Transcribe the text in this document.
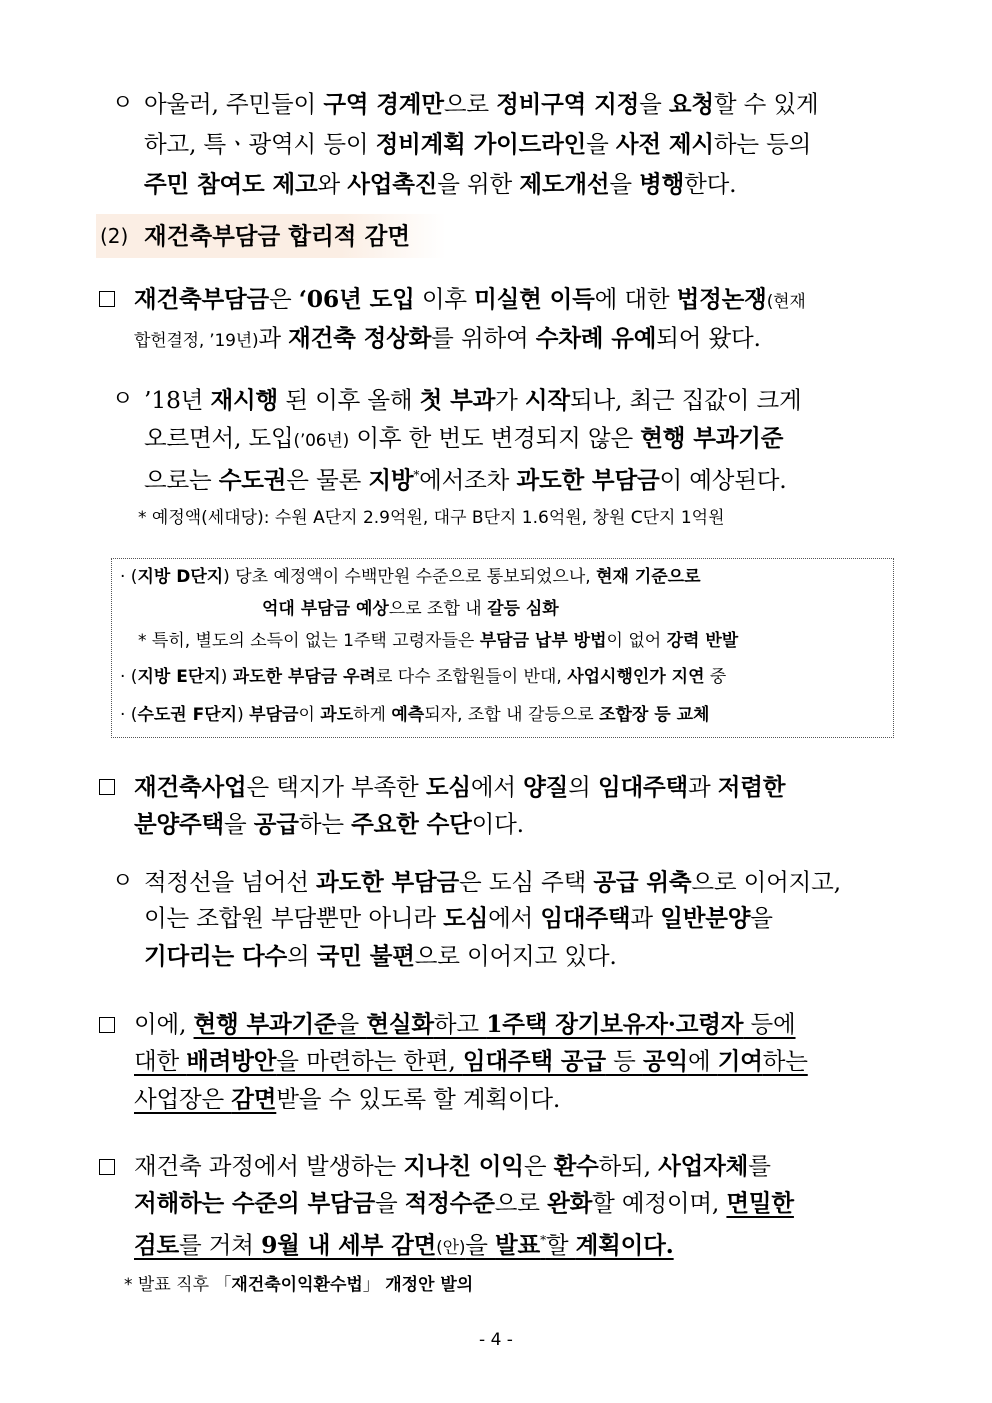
ㅇ 아울러, 주민들이 구역 경계만으로 정비구역 지정을 요청할 수 있게
하고, 특ㆍ광역시 등이 정비계획 가이드라인을 사전 제시하는 등의
주민 참여도 제고와 사업촉진을 위한 제도개선을 병행한다.
(2) 재건축부담금 합리적 감면
재건축부담금은 ‘06년 도입 이후 미실현 이득에 대한 법정논쟁(현재
합헌결정, ’19년)과 재건축 정상화를 위하여 수차례 유예되어 왔다.
ㅇ ’18년 재시행 된 이후 올해 첫 부과가 시작되나, 최근 집값이 크게
오르면서, 도입(’06년) 이후 한 번도 변경되지 않은 현행 부과기준
으로는 수도권은 물론 지방*에서조차 과도한 부담금이 예상된다.
* 예정액(세대당): 수원 A단지 2.9억원, 대구 B단지 1.6억원, 창원 C단지 1억원
· (지방 D단지) 당초 예정액이 수백만원 수준으로 통보되었으나, 현재 기준으로
억대 부담금 예상으로 조합 내 갈등 심화
* 특히, 별도의 소득이 없는 1주택 고령자들은 부담금 납부 방법이 없어 강력 반발
· (지방 E단지) 과도한 부담금 우려로 다수 조합원들이 반대, 사업시행인가 지연 중
· (수도권 F단지) 부담금이 과도하게 예측되자, 조합 내 갈등으로 조합장 등 교체
재건축사업은 택지가 부족한 도심에서 양질의 임대주택과 저렴한
분양주택을 공급하는 주요한 수단이다.
ㅇ 적정선을 넘어선 과도한 부담금은 도심 주택 공급 위축으로 이어지고,
이는 조합원 부담뿐만 아니라 도심에서 임대주택과 일반분양을
기다리는 다수의 국민 불편으로 이어지고 있다.
이에, 현행 부과기준을 현실화하고 1주택 장기보유자·고령자 등에
대한 배려방안을 마련하는 한편, 임대주택 공급 등 공익에 기여하는
사업장은 감면받을 수 있도록 할 계획이다.
재건축 과정에서 발생하는 지나친 이익은 환수하되, 사업자체를
저해하는 수준의 부담금을 적정수준으로 완화할 예정이며, 면밀한
검토를 거쳐 9월 내 세부 감면(안)을 발표*할 계획이다.
* 발표 직후 「재건축이익환수법」 개정안 발의
- 4 -
